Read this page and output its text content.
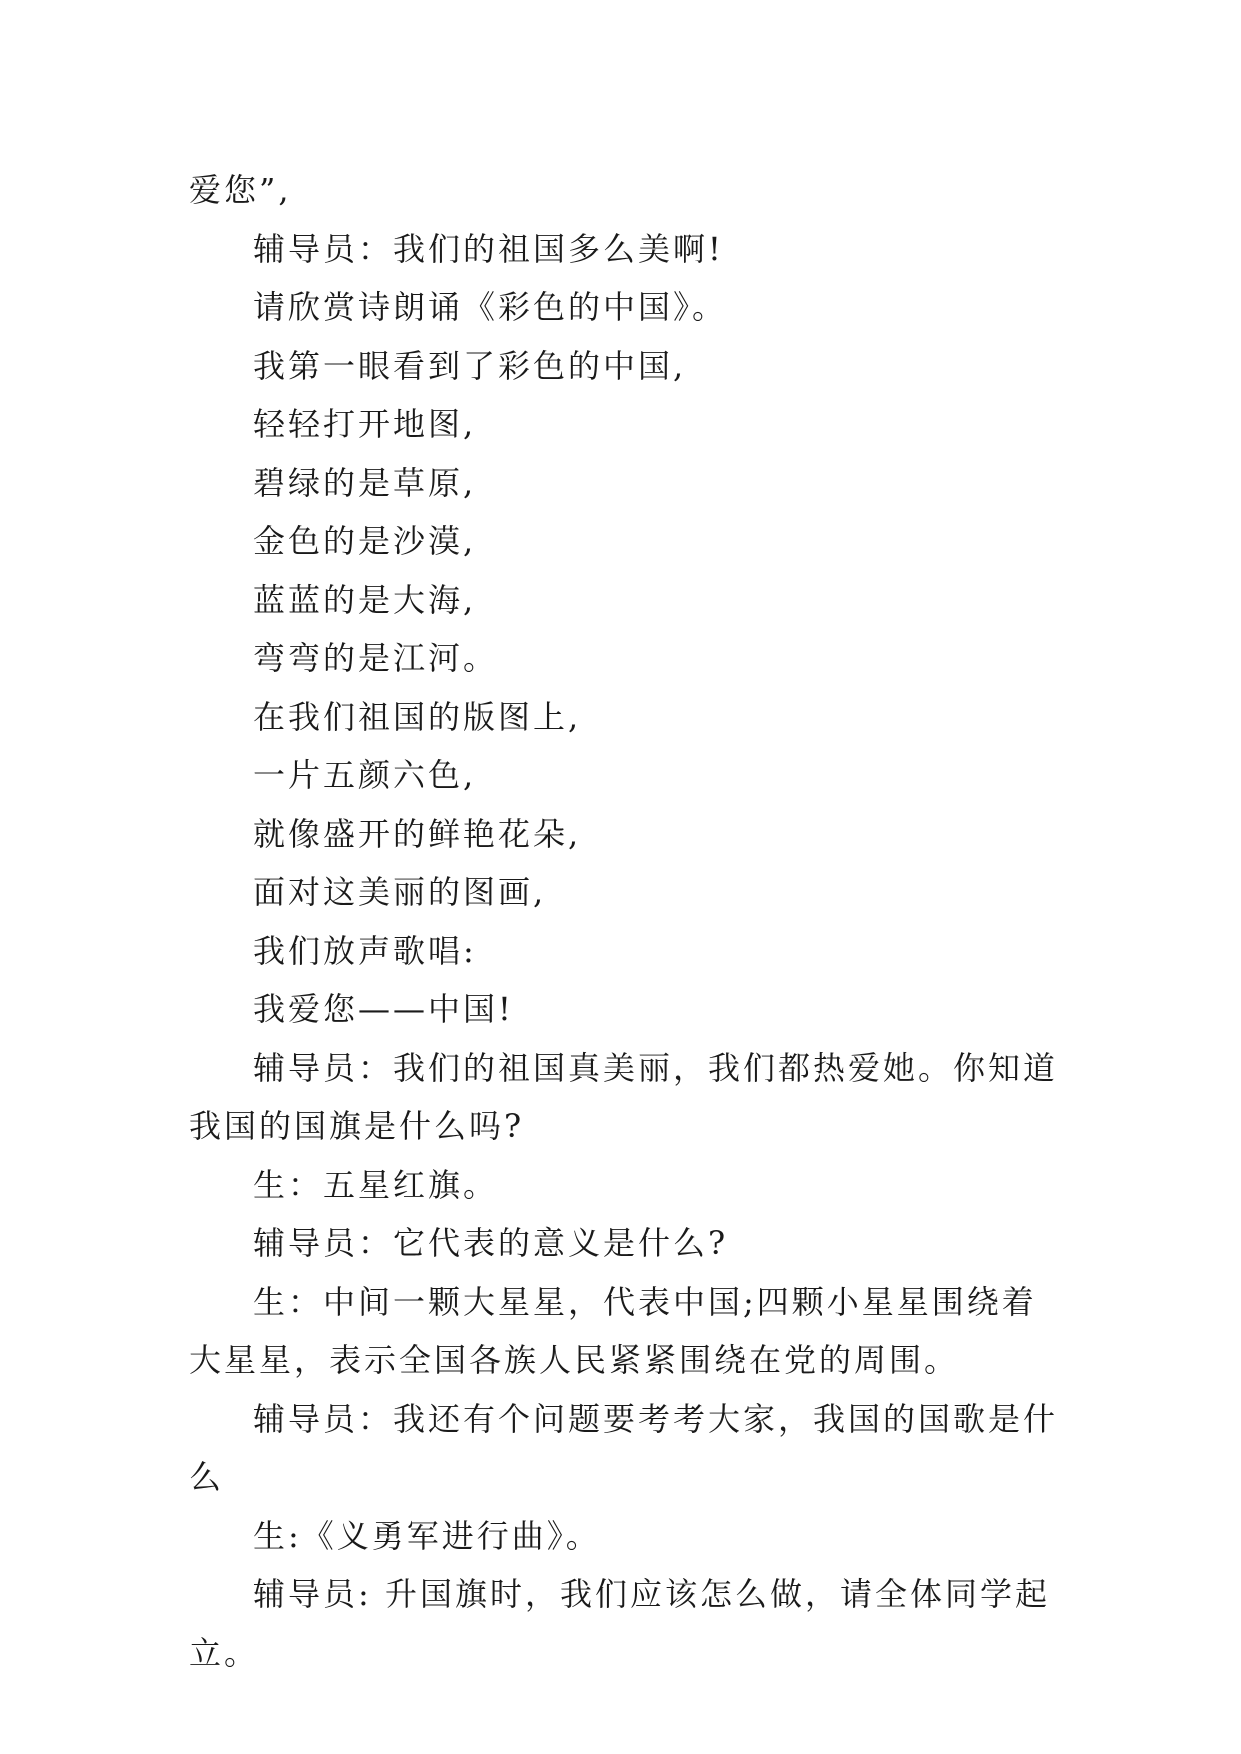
爱您”,

辅导员：我们的祖国多么美啊!

请欣赏诗朗诵《彩色的中国》。

我第一眼看到了彩色的中国,

轻轻打开地图,

碧绿的是草原,

金色的是沙漠,

蓝蓝的是大海,

弯弯的是江河。

在我们祖国的版图上,

一片五颜六色,

就像盛开的鲜艳花朵,

面对这美丽的图画,

我们放声歌唱:

我爱您——中国!

辅导员：我们的祖国真美丽，我们都热爱她。你知道我国的国旗是什么吗?

生：五星红旗。

辅导员：它代表的意义是什么?

生：中间一颗大星星，代表中国;四颗小星星围绕着大星星，表示全国各族人民紧紧围绕在党的周围。

辅导员：我还有个问题要考考大家，我国的国歌是什么

生:《义勇军进行曲》。

辅导员: 升国旗时，我们应该怎么做，请全体同学起立。
